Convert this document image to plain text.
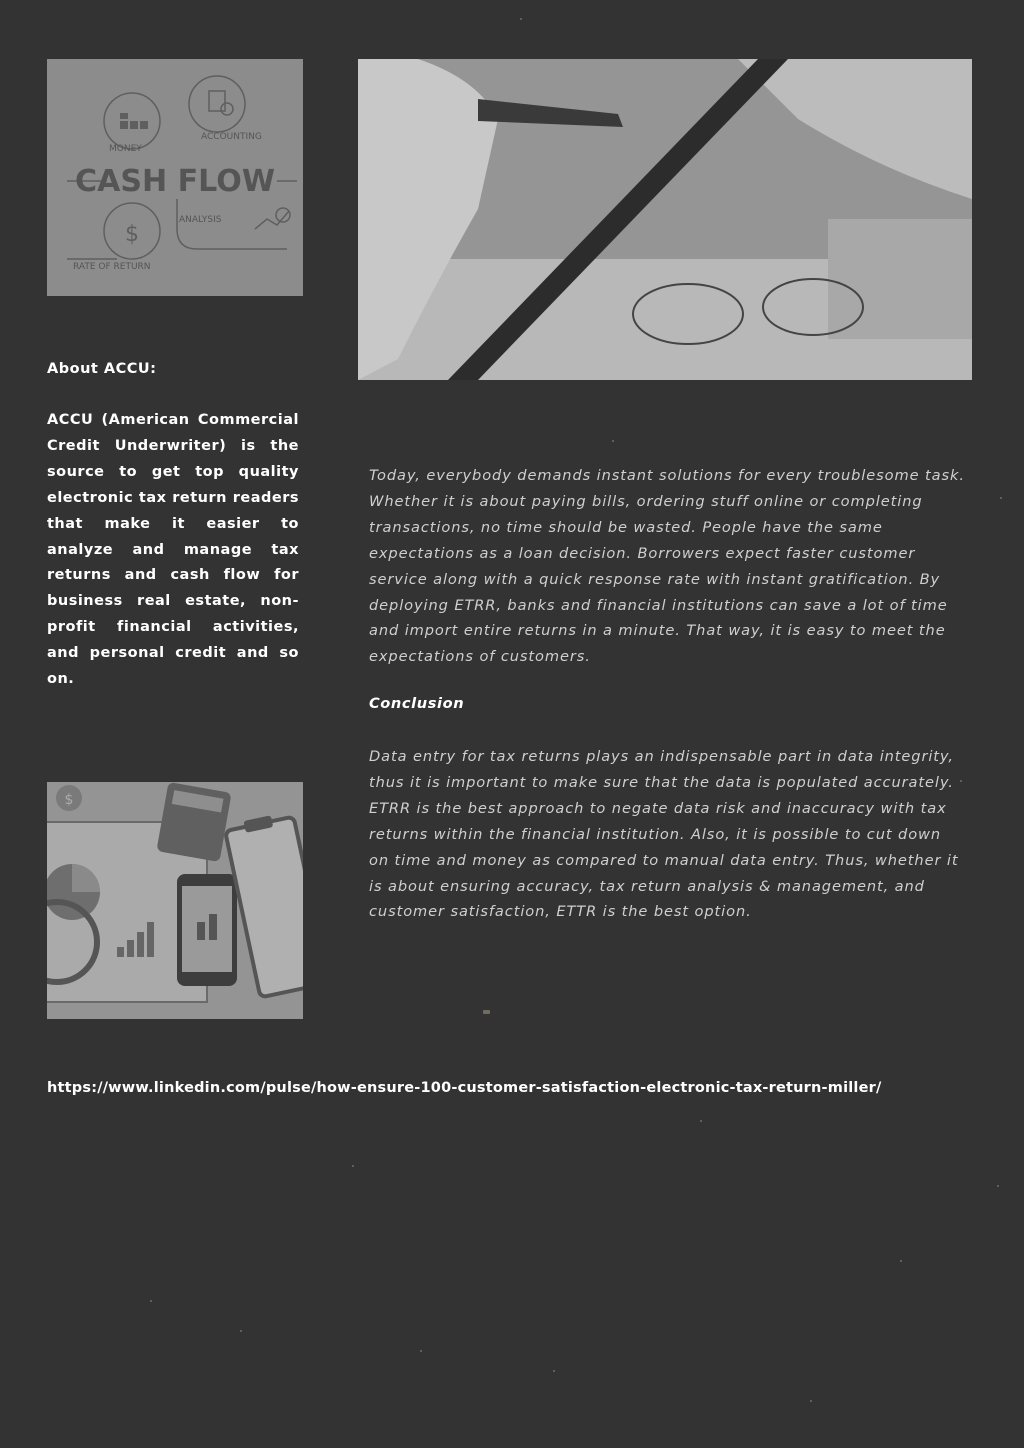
$
MONEY
ACCOUNTING
CASH FLOW
ANALYSIS
RATE OF RETURN
About ACCU:

ACCU (American Commercial Credit Underwriter) is the source to get top quality electronic tax return readers that make it easier to analyze and manage tax returns and cash flow for business real estate, non-profit financial activities, and personal credit and so on.

Today, everybody demands instant solutions for every troublesome task. Whether it is about paying bills, ordering stuff online or completing transactions, no time should be wasted. People have the same expectations as a loan decision. Borrowers expect faster customer service along with a quick response rate with instant gratification. By deploying ETRR, banks and financial institutions can save a lot of time and import entire returns in a minute. That way, it is easy to meet the expectations of customers.

Conclusion

Data entry for tax returns plays an indispensable part in data integrity, thus it is important to make sure that the data is populated accurately. ETRR is the best approach to negate data risk and inaccuracy with tax returns within the financial institution. Also, it is possible to cut down on time and money as compared to manual data entry. Thus, whether it is about ensuring accuracy, tax return analysis & management, and customer satisfaction, ETTR is the best option.

$
https://www.linkedin.com/pulse/how-ensure-100-customer-satisfaction-electronic-tax-return-miller/
